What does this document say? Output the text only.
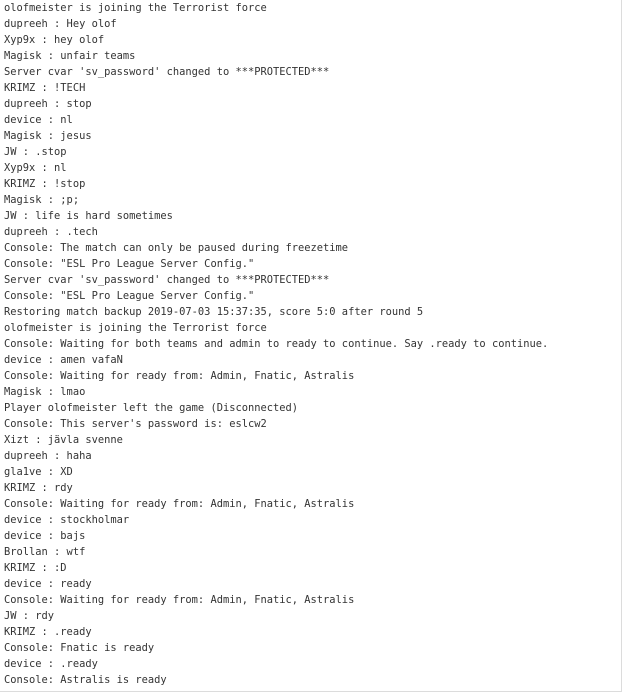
olofmeister is joining the Terrorist force
dupreeh : Hey olof
Xyp9x : hey olof
Magisk : unfair teams
Server cvar 'sv_password' changed to ***PROTECTED***
KRIMZ : !TECH
dupreeh : stop
device : nl
Magisk : jesus
JW : .stop
Xyp9x : nl
KRIMZ : !stop
Magisk : ;p;
JW : life is hard sometimes
dupreeh : .tech
Console: The match can only be paused during freezetime
Console: "ESL Pro League Server Config."
Server cvar 'sv_password' changed to ***PROTECTED***
Console: "ESL Pro League Server Config."
Restoring match backup 2019-07-03 15:37:35, score 5:0 after round 5
olofmeister is joining the Terrorist force
Console: Waiting for both teams and admin to ready to continue. Say .ready to continue.
device : amen vafaN
Console: Waiting for ready from: Admin, Fnatic, Astralis
Magisk : lmao
Player olofmeister left the game (Disconnected)
Console: This server's password is: eslcw2
Xizt : jävla svenne
dupreeh : haha
gla1ve : XD
KRIMZ : rdy
Console: Waiting for ready from: Admin, Fnatic, Astralis
device : stockholmar
device : bajs
Brollan : wtf
KRIMZ : :D
device : ready
Console: Waiting for ready from: Admin, Fnatic, Astralis
JW : rdy
KRIMZ : .ready
Console: Fnatic is ready
device : .ready
Console: Astralis is ready
